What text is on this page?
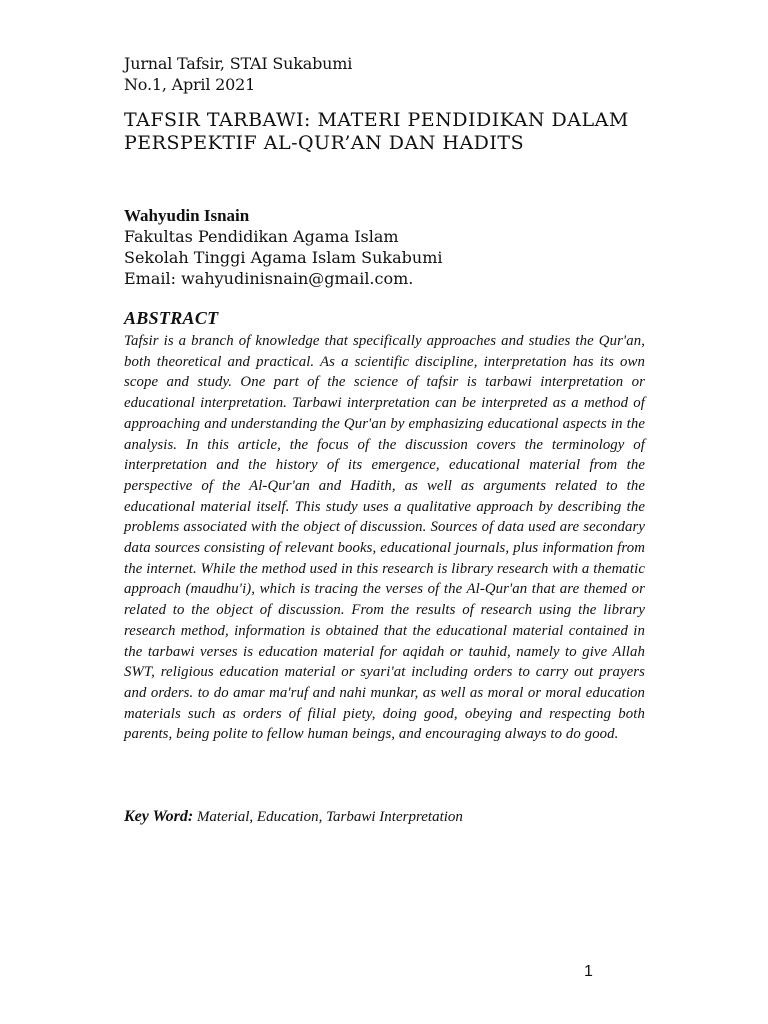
Jurnal Tafsir, STAI Sukabumi
No.1, April 2021
TAFSIR TARBAWI: MATERI PENDIDIKAN DALAM PERSPEKTIF AL-QUR’AN DAN HADITS
Wahyudin Isnain
Fakultas Pendidikan Agama Islam
Sekolah Tinggi Agama Islam Sukabumi
Email: wahyudinisnain@gmail.com.
ABSTRACT

Tafsir is a branch of knowledge that specifically approaches and studies the Qur'an, both theoretical and practical. As a scientific discipline, interpretation has its own scope and study. One part of the science of tafsir is tarbawi interpretation or educational interpretation. Tarbawi interpretation can be interpreted as a method of approaching and understanding the Qur'an by emphasizing educational aspects in the analysis. In this article, the focus of the discussion covers the terminology of interpretation and the history of its emergence, educational material from the perspective of the Al-Qur'an and Hadith, as well as arguments related to the educational material itself. This study uses a qualitative approach by describing the problems associated with the object of discussion. Sources of data used are secondary data sources consisting of relevant books, educational journals, plus information from the internet. While the method used in this research is library research with a thematic approach (maudhu'i), which is tracing the verses of the Al-Qur'an that are themed or related to the object of discussion. From the results of research using the library research method, information is obtained that the educational material contained in the tarbawi verses is education material for aqidah or tauhid, namely to give Allah SWT, religious education material or syari'at including orders to carry out prayers and orders. to do amar ma'ruf and nahi munkar, as well as moral or moral education materials such as orders of filial piety, doing good, obeying and respecting both parents, being polite to fellow human beings, and encouraging always to do good.

Key Word: Material, Education, Tarbawi Interpretation
1
